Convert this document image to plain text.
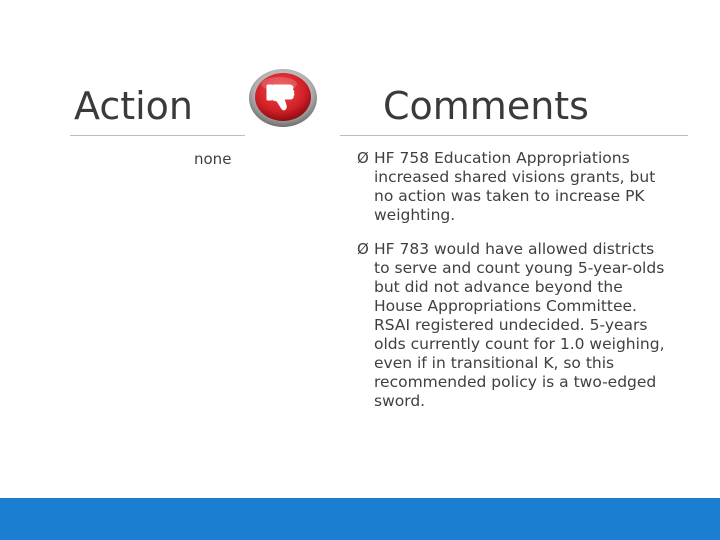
Action	Comments
none	Ø HF 758 Education Appropriations increased shared visions grants, but no action was taken to increase PK weighting.
Ø HF 783 would have allowed districts to serve and count young 5-year-olds but did not advance beyond the House Appropriations Committee. RSAI registered undecided. 5-years olds currently count for 1.0 weighing, even if in transitional K, so this recommended policy is a two-edged sword.
